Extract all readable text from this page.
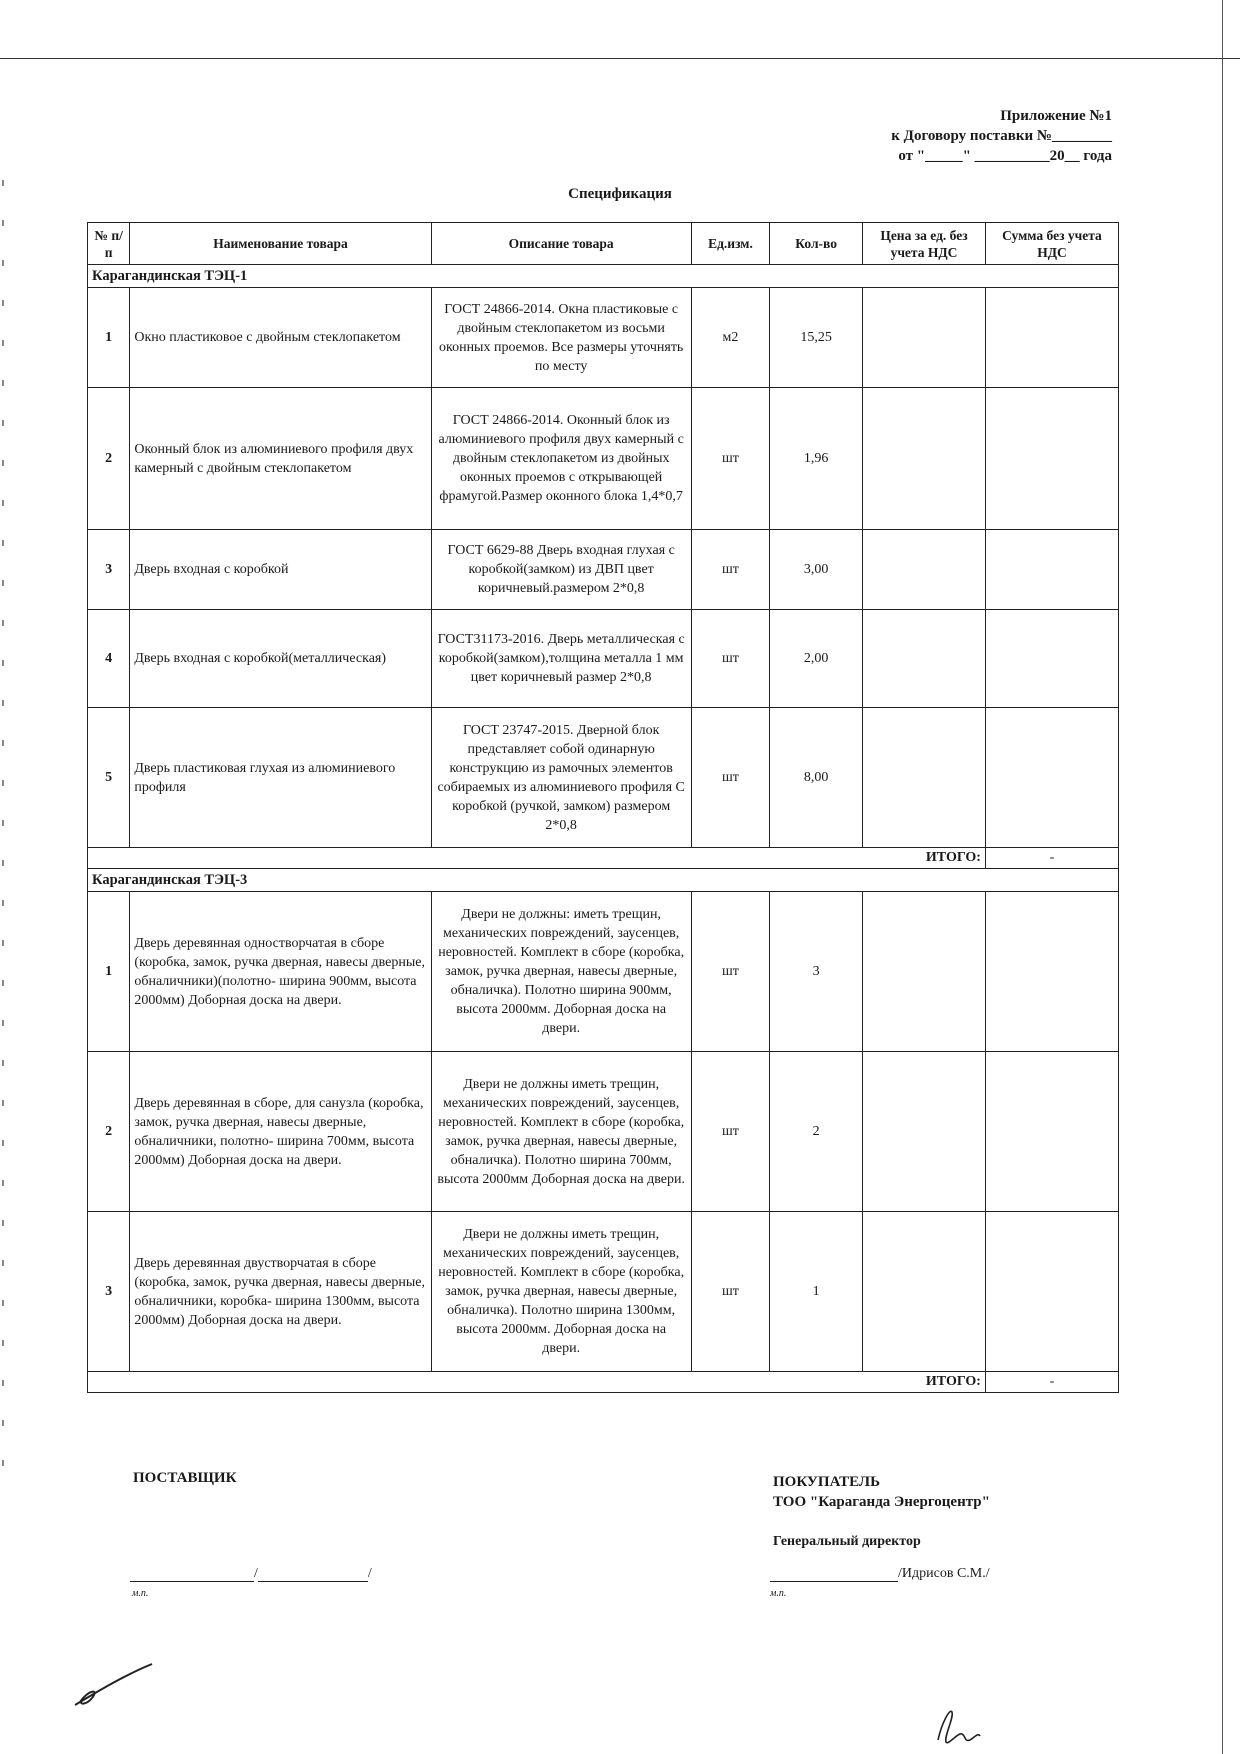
Приложение №1
к Договору поставки №________
от "_____" __________20__ года
Спецификация
№ п/п	Наименование товара	Описание товара	Ед.изм.	Кол-во	Цена за ед. без учета НДС	Сумма без учета НДС
Карагандинская ТЭЦ-1						
1	Окно пластиковое с двойным стеклопакетом	ГОСТ 24866-2014. Окна пластиковые с двойным стеклопакетом из восьми оконных проемов. Все размеры уточнять по месту	м2	15,25		
2	Оконный блок из алюминиевого профиля двух камерный с двойным стеклопакетом	ГОСТ 24866-2014. Оконный блок из алюминиевого профиля двух камерный с двойным стеклопакетом из двойных оконных проемов с открывающей фрамугой.Размер оконного блока 1,4*0,7	шт	1,96		
3	Дверь входная с коробкой	ГОСТ 6629-88 Дверь входная глухая с коробкой(замком) из ДВП цвет коричневый.размером 2*0,8	шт	3,00		
4	Дверь входная с коробкой(металлическая)	ГОСТ31173-2016. Дверь металлическая с коробкой(замком),толщина металла 1 мм цвет коричневый размер 2*0,8	шт	2,00		
5	Дверь пластиковая глухая из алюминиевого профиля	ГОСТ 23747-2015. Дверной блок представляет собой одинарную конструкцию из рамочных элементов собираемых из алюминиевого профиля С коробкой (ручкой, замком) размером 2*0,8	шт	8,00		
ИТОГО:						-
Карагандинская ТЭЦ-3						
1	Дверь деревянная одностворчатая в сборе (коробка, замок, ручка дверная, навесы дверные, обналичники)(полотно- ширина 900мм, высота 2000мм) Доборная доска на двери.	Двери не должны: иметь трещин, механических повреждений, заусенцев, неровностей. Комплект в сборе (коробка, замок, ручка дверная, навесы дверные, обналичка). Полотно ширина 900мм, высота 2000мм. Доборная доска на двери.	шт	3		
2	Дверь деревянная в сборе, для санузла (коробка, замок, ручка дверная, навесы дверные, обналичники, полотно- ширина 700мм, высота 2000мм) Доборная доска на двери.	Двери не должны иметь трещин, механических повреждений, заусенцев, неровностей. Комплект в сборе (коробка, замок, ручка дверная, навесы дверные, обналичка). Полотно ширина 700мм, высота 2000мм Доборная доска на двери.	шт	2		
3	Дверь деревянная двустворчатая в сборе (коробка, замок, ручка дверная, навесы дверные, обналичники, коробка- ширина 1300мм, высота 2000мм) Доборная доска на двери.	Двери не должны иметь трещин, механических повреждений, заусенцев, неровностей. Комплект в сборе (коробка, замок, ручка дверная, навесы дверные, обналичка). Полотно ширина 1300мм, высота 2000мм. Доборная доска на двери.	шт	1		
ИТОГО:						-
ПОСТАВЩИК
/	/
м.п.
ПОКУПАТЕЛЬ
ТОО "Караганда Энергоцентр"
Генеральный директор
/Идрисов С.М./
м.п.
